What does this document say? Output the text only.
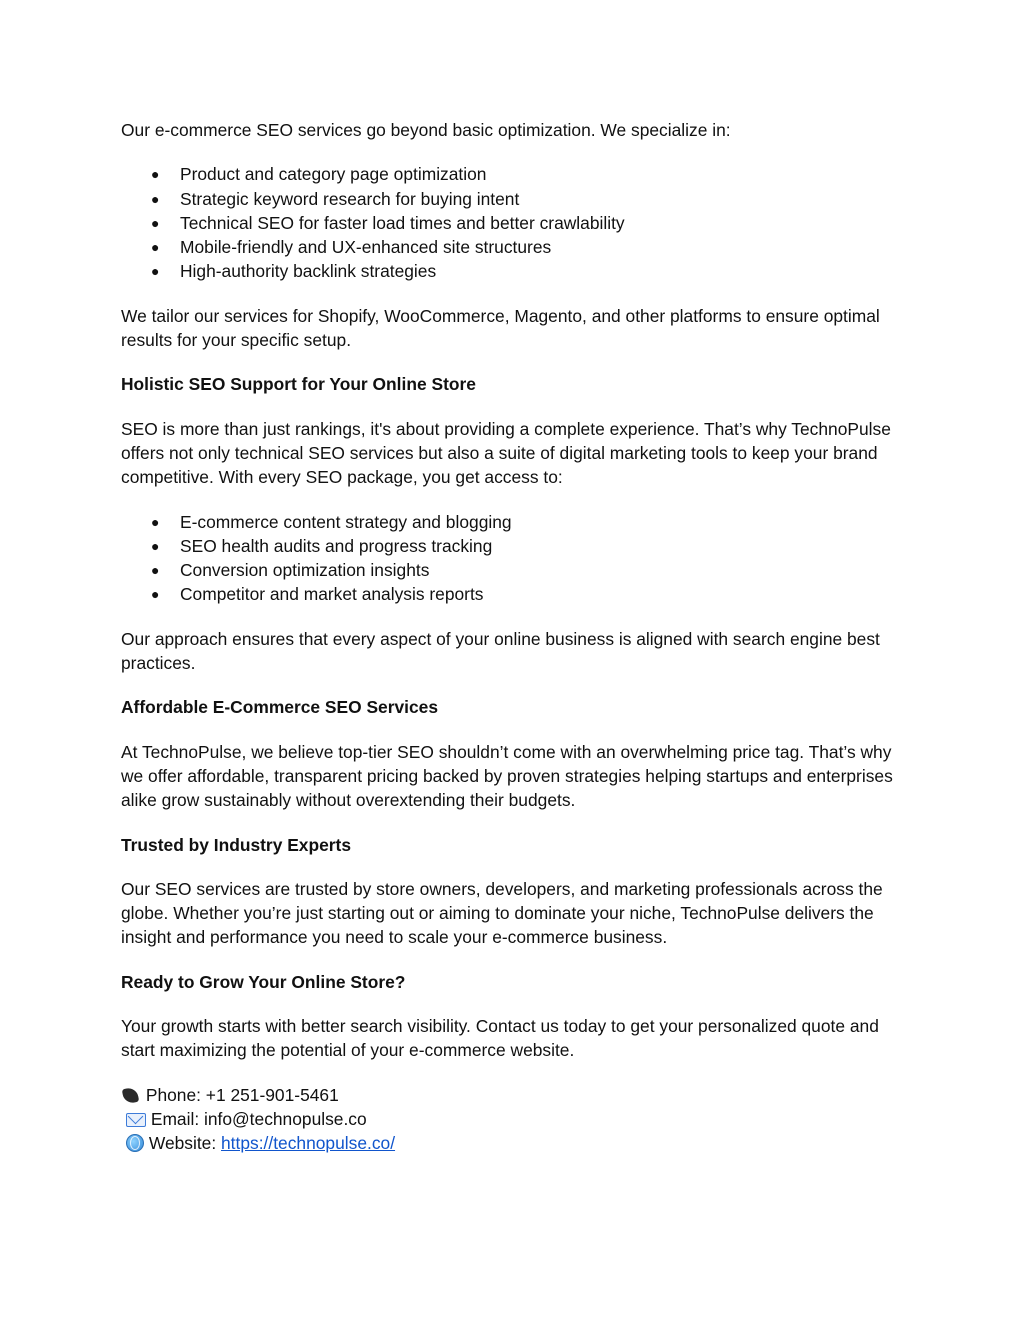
Our e-commerce SEO services go beyond basic optimization. We specialize in:

● Product and category page optimization
● Strategic keyword research for buying intent
● Technical SEO for faster load times and better crawlability
● Mobile-friendly and UX-enhanced site structures
● High-authority backlink strategies

We tailor our services for Shopify, WooCommerce, Magento, and other platforms to ensure optimal results for your specific setup.

Holistic SEO Support for Your Online Store

SEO is more than just rankings, it's about providing a complete experience. That’s why TechnoPulse offers not only technical SEO services but also a suite of digital marketing tools to keep your brand competitive. With every SEO package, you get access to:

● E-commerce content strategy and blogging
● SEO health audits and progress tracking
● Conversion optimization insights
● Competitor and market analysis reports

Our approach ensures that every aspect of your online business is aligned with search engine best practices.

Affordable E-Commerce SEO Services

At TechnoPulse, we believe top-tier SEO shouldn’t come with an overwhelming price tag. That’s why we offer affordable, transparent pricing backed by proven strategies helping startups and enterprises alike grow sustainably without overextending their budgets.

Trusted by Industry Experts

Our SEO services are trusted by store owners, developers, and marketing professionals across the globe. Whether you’re just starting out or aiming to dominate your niche, TechnoPulse delivers the insight and performance you need to scale your e-commerce business.

Ready to Grow Your Online Store?

Your growth starts with better search visibility. Contact us today to get your personalized quote and start maximizing the potential of your e-commerce website.

Phone: +1 251-901-5461
Email: info@technopulse.co
Website: https://technopulse.co/
